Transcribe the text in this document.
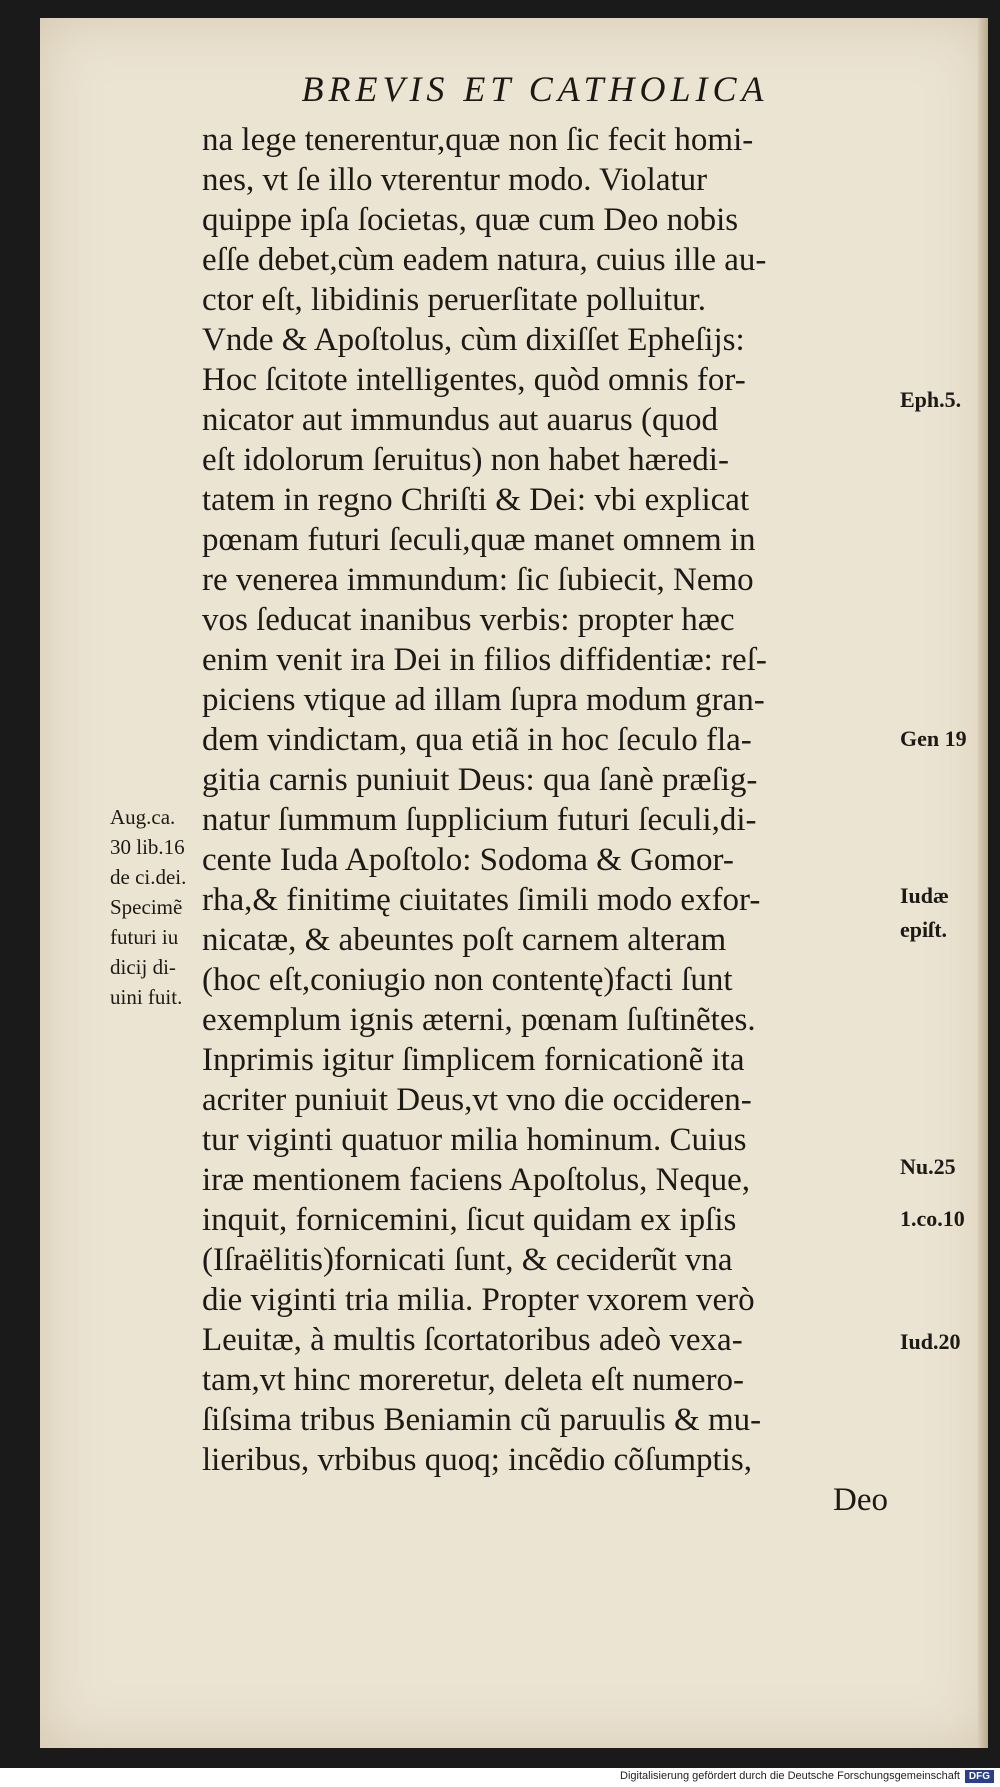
BREVIS ET CATHOLICA
na lege tenerentur,quæ non ſic fecit homi-
nes, vt ſe illo vterentur modo. Violatur
quippe ipſa ſocietas, quæ cum Deo nobis
eſſe debet,cùm eadem natura, cuius ille au-
ctor eſt, libidinis peruerſitate polluitur.
Vnde & Apoſtolus, cùm dixiſſet Epheſijs:
Hoc ſcitote intelligentes, quòd omnis for-
nicator aut immundus aut auarus (quod
eſt idolorum ſeruitus) non habet hæredi-
tatem in regno Chriſti & Dei: vbi explicat
pœnam futuri ſeculi,quæ manet omnem in
re venerea immundum: ſic ſubiecit, Nemo
vos ſeducat inanibus verbis: propter hæc
enim venit ira Dei in filios diffidentiæ: reſ-
piciens vtique ad illam ſupra modum gran-
dem vindictam, qua etiã in hoc ſeculo fla-
gitia carnis puniuit Deus: qua ſanè præſig-
natur ſummum ſupplicium futuri ſeculi,di-
cente Iuda Apoſtolo: Sodoma & Gomor-
rha,& finitimę ciuitates ſimili modo exfor-
nicatæ, & abeuntes poſt carnem alteram
(hoc eſt,coniugio non contentę)facti ſunt
exemplum ignis æterni, pœnam ſuſtinẽtes.
Inprimis igitur ſimplicem fornicationẽ ita
acriter puniuit Deus,vt vno die occideren-
tur viginti quatuor milia hominum. Cuius
iræ mentionem faciens Apoſtolus, Neque,
inquit, fornicemini, ſicut quidam ex ipſis
(Iſraëlitis)fornicati ſunt, & ceciderũt vna
die viginti tria milia. Propter vxorem verò
Leuitæ, à multis ſcortatoribus adeò vexa-
tam,vt hinc moreretur, deleta eſt numero-
ſiſsima tribus Beniamin cũ paruulis & mu-
lieribus, vrbibus quoq; incẽdio cõſumptis,
Deo
Aug.ca.
30 lib.16
de ci.dei.
Specimẽ
futuri iu
dicij di-
uini fuit.
Eph.5.
Gen 19
Iudæ
epiſt.
Nu.25
1.co.10
Iud.20
Digitalisierung gefördert durch die Deutsche Forschungsgemeinschaft DFG
